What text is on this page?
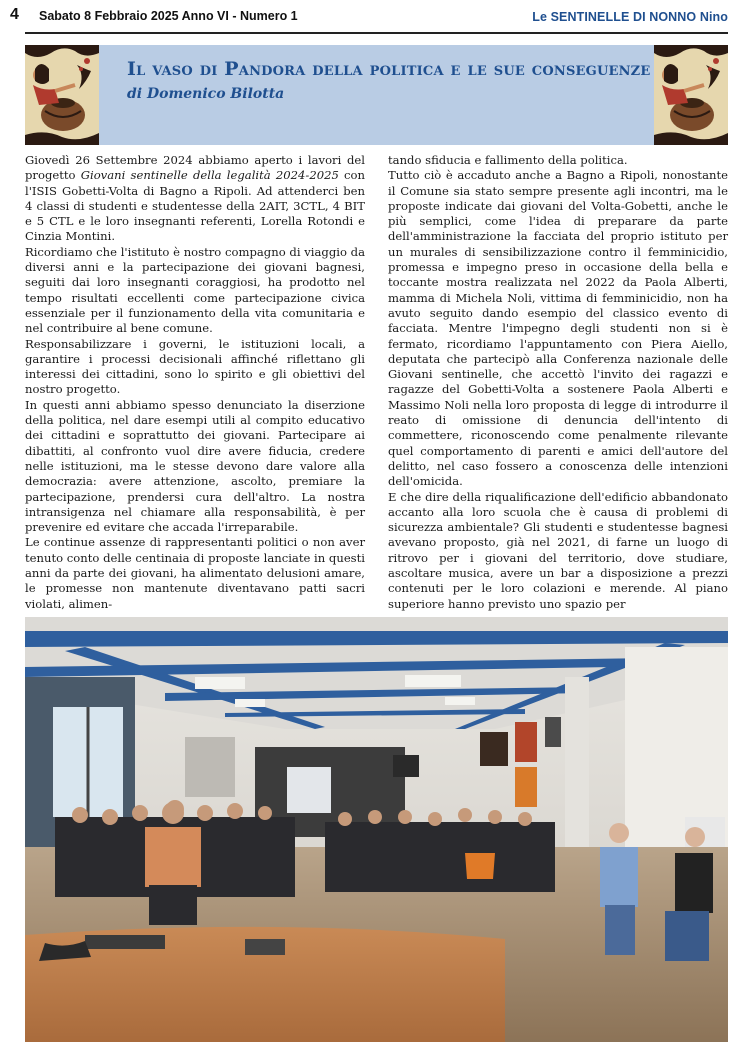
4 Sabato 8 Febbraio 2025 Anno VI - Numero 1	Le SENTINELLE DI NONNO Nino
Il vaso di Pandora della politica e le sue conseguenze
di Domenico Bilotta

Giovedì 26 Settembre 2024 abbiamo aperto i lavori del progetto Giovani sentinelle della legalità 2024-2025 con l'ISIS Gobetti-Volta di Bagno a Ripoli. Ad attenderci ben 4 classi di studenti e studentesse della 2AIT, 3CTL, 4 BIT e 5 CTL e le loro insegnanti referenti, Lorella Rotondi e Cinzia Montini.

Ricordiamo che l'istituto è nostro compagno di viaggio da diversi anni e la partecipazione dei giovani bagnesi, seguiti dai loro insegnanti coraggiosi, ha prodotto nel tempo risultati eccellenti come partecipazione civica essenziale per il funzionamento della vita comunitaria e nel contribuire al bene comune.

Responsabilizzare i governi, le istituzioni locali, a garantire i processi decisionali affinché riflettano gli interessi dei cittadini, sono lo spirito e gli obiettivi del nostro progetto.

In questi anni abbiamo spesso denunciato la diserzione della politica, nel dare esempi utili al compito educativo dei cittadini e soprattutto dei giovani. Partecipare ai dibattiti, al confronto vuol dire avere fiducia, credere nelle istituzioni, ma le stesse devono dare valore alla democrazia: avere attenzione, ascolto, premiare la partecipazione, prendersi cura dell'altro. La nostra intransigenza nel chiamare alla responsabilità, è per prevenire ed evitare che accada l'irreparabile.

Le continue assenze di rappresentanti politici o non aver tenuto conto delle centinaia di proposte lanciate in questi anni da parte dei giovani, ha alimentato delusioni amare, le promesse non mantenute diventavano patti sacri violati, alimen-

tando sfiducia e fallimento della politica.

Tutto ciò è accaduto anche a Bagno a Ripoli, nonostante il Comune sia stato sempre presente agli incontri, ma le proposte indicate dai giovani del Volta-Gobetti, anche le più semplici, come l'idea di preparare da parte dell'amministrazione la facciata del proprio istituto per un murales di sensibilizzazione contro il femminicidio, promessa e impegno preso in occasione della bella e toccante mostra realizzata nel 2022 da Paola Alberti, mamma di Michela Noli, vittima di femminicidio, non ha avuto seguito dando esempio del classico evento di facciata. Mentre l'impegno degli studenti non si è fermato, ricordiamo l'appuntamento con Piera Aiello, deputata che partecipò alla Conferenza nazionale delle Giovani sentinelle, che accettò l'invito dei ragazzi e ragazze del Gobetti-Volta a sostenere Paola Alberti e Massimo Noli nella loro proposta di legge di introdurre il reato di omissione di denuncia dell'intento di commettere, riconoscendo come penalmente rilevante quel comportamento di parenti e amici dell'autore del delitto, nel caso fossero a conoscenza delle intenzioni dell'omicida.

E che dire della riqualificazione dell'edificio abbandonato accanto alla loro scuola che è causa di problemi di sicurezza ambientale? Gli studenti e studentesse bagnesi avevano proposto, già nel 2021, di farne un luogo di ritrovo per i giovani del territorio, dove studiare, ascoltare musica, avere un bar a disposizione a prezzi contenuti per le loro colazioni e merende. Al piano superiore hanno previsto uno spazio per
